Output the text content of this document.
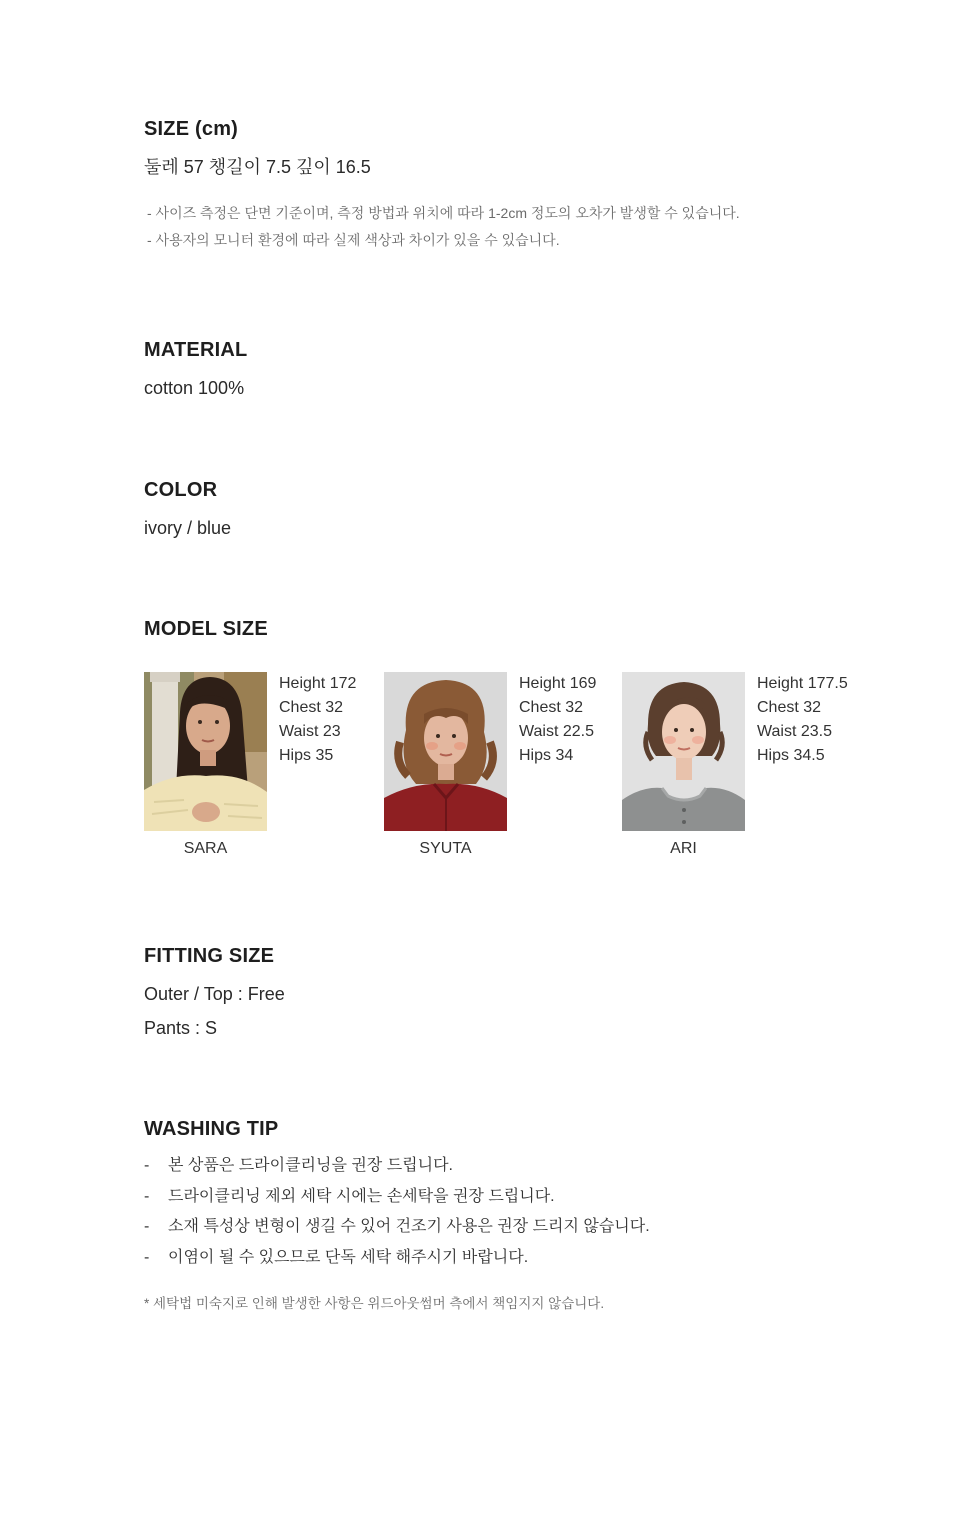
SIZE (cm)

둘레 57 챙길이 7.5 깊이 16.5

- 사이즈 측정은 단면 기준이며, 측정 방법과 위치에 따라 1-2cm 정도의 오차가 발생할 수 있습니다.

- 사용자의 모니터 환경에 따라 실제 색상과 차이가 있을 수 있습니다.

MATERIAL

cotton 100%

COLOR

ivory / blue

MODEL SIZE
Height 172
Chest 32
Waist 23
Hips 35
SARA
Height 169
Chest 32
Waist 22.5
Hips 34
SYUTA
Height 177.5
Chest 32
Waist 23.5
Hips 34.5
ARI
FITTING SIZE

Outer / Top : Free

Pants : S

WASHING TIP
- 본 상품은 드라이클리닝을 권장 드립니다.
- 드라이클리닝 제외 세탁 시에는 손세탁을 권장 드립니다.
- 소재 특성상 변형이 생길 수 있어 건조기 사용은 권장 드리지 않습니다.
- 이염이 될 수 있으므로 단독 세탁 해주시기 바랍니다.

* 세탁법 미숙지로 인해 발생한 사항은 위드아웃썸머 측에서 책임지지 않습니다.
